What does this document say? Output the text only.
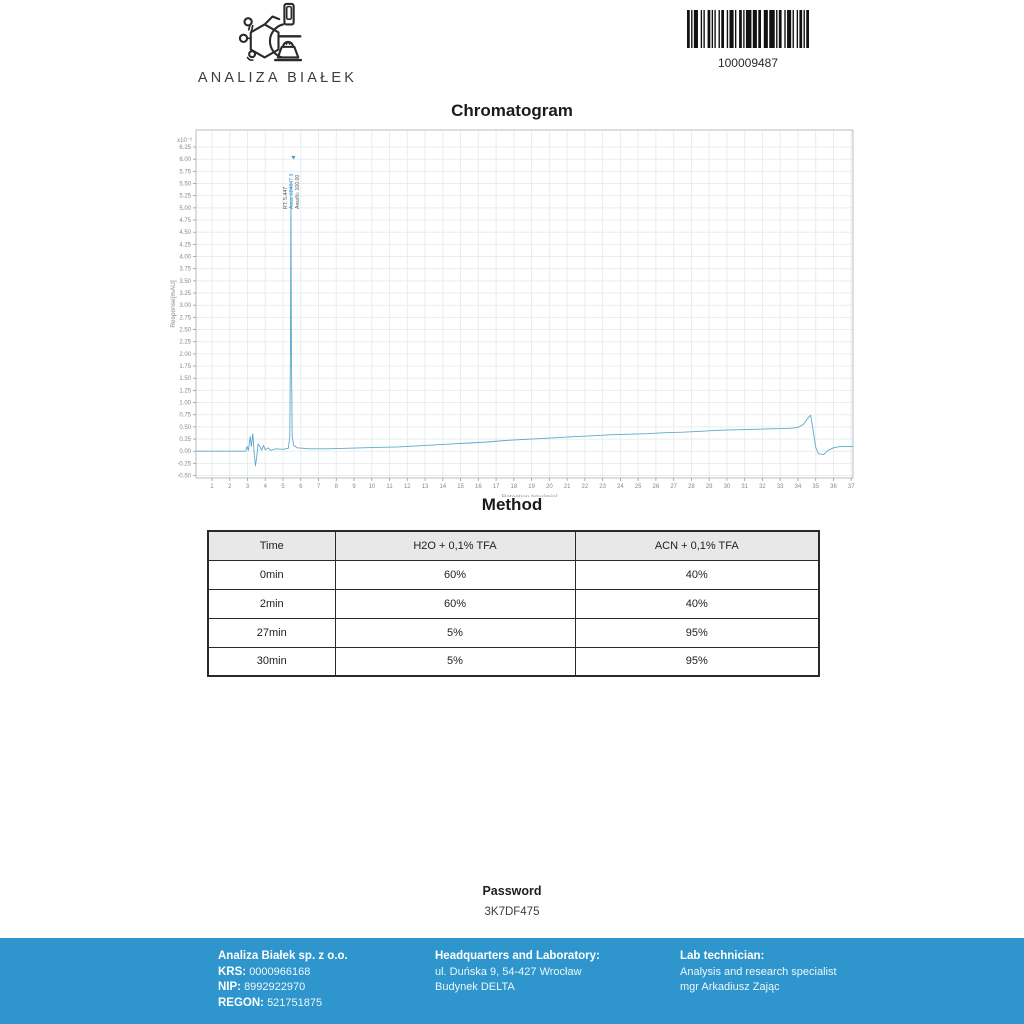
ANALIZA BIAŁEK
100009487
Chromatogram
1 2 3 4 5 6 7 8 9 10 11 12 13 14 15 16 17 18 19 20 21 22 23 24 25 26 27 28 29 30 31 32 33 34 35 36 37
6.25
6.00
5.75
5.50
5.25
5.00
4.75
4.50
4.25
4.00
3.75
3.50
3.25
3.00
2.75
2.50
2.25
2.00
1.75
1.50
1.25
1.00
0.75
0.50
0.25
0.00
-0.25
-0.50
x10⁻²
Response[mAU]
RT: 5.447 Area: 604947.9 Area%: 100.00
Method
Time	H2O + 0,1% TFA	ACN + 0,1% TFA
0min	60%	40%
2min	60%	40%
27min	5%	95%
30min	5%	95%
Password
3K7DF475
Analiza Białek sp. z o.o.
KRS: 0000966168
NIP: 8992922970
REGON: 521751875
Headquarters and Laboratory:
ul. Duńska 9, 54-427 Wrocław
Budynek DELTA
Lab technician:
Analysis and research specialist
mgr Arkadiusz Zając
